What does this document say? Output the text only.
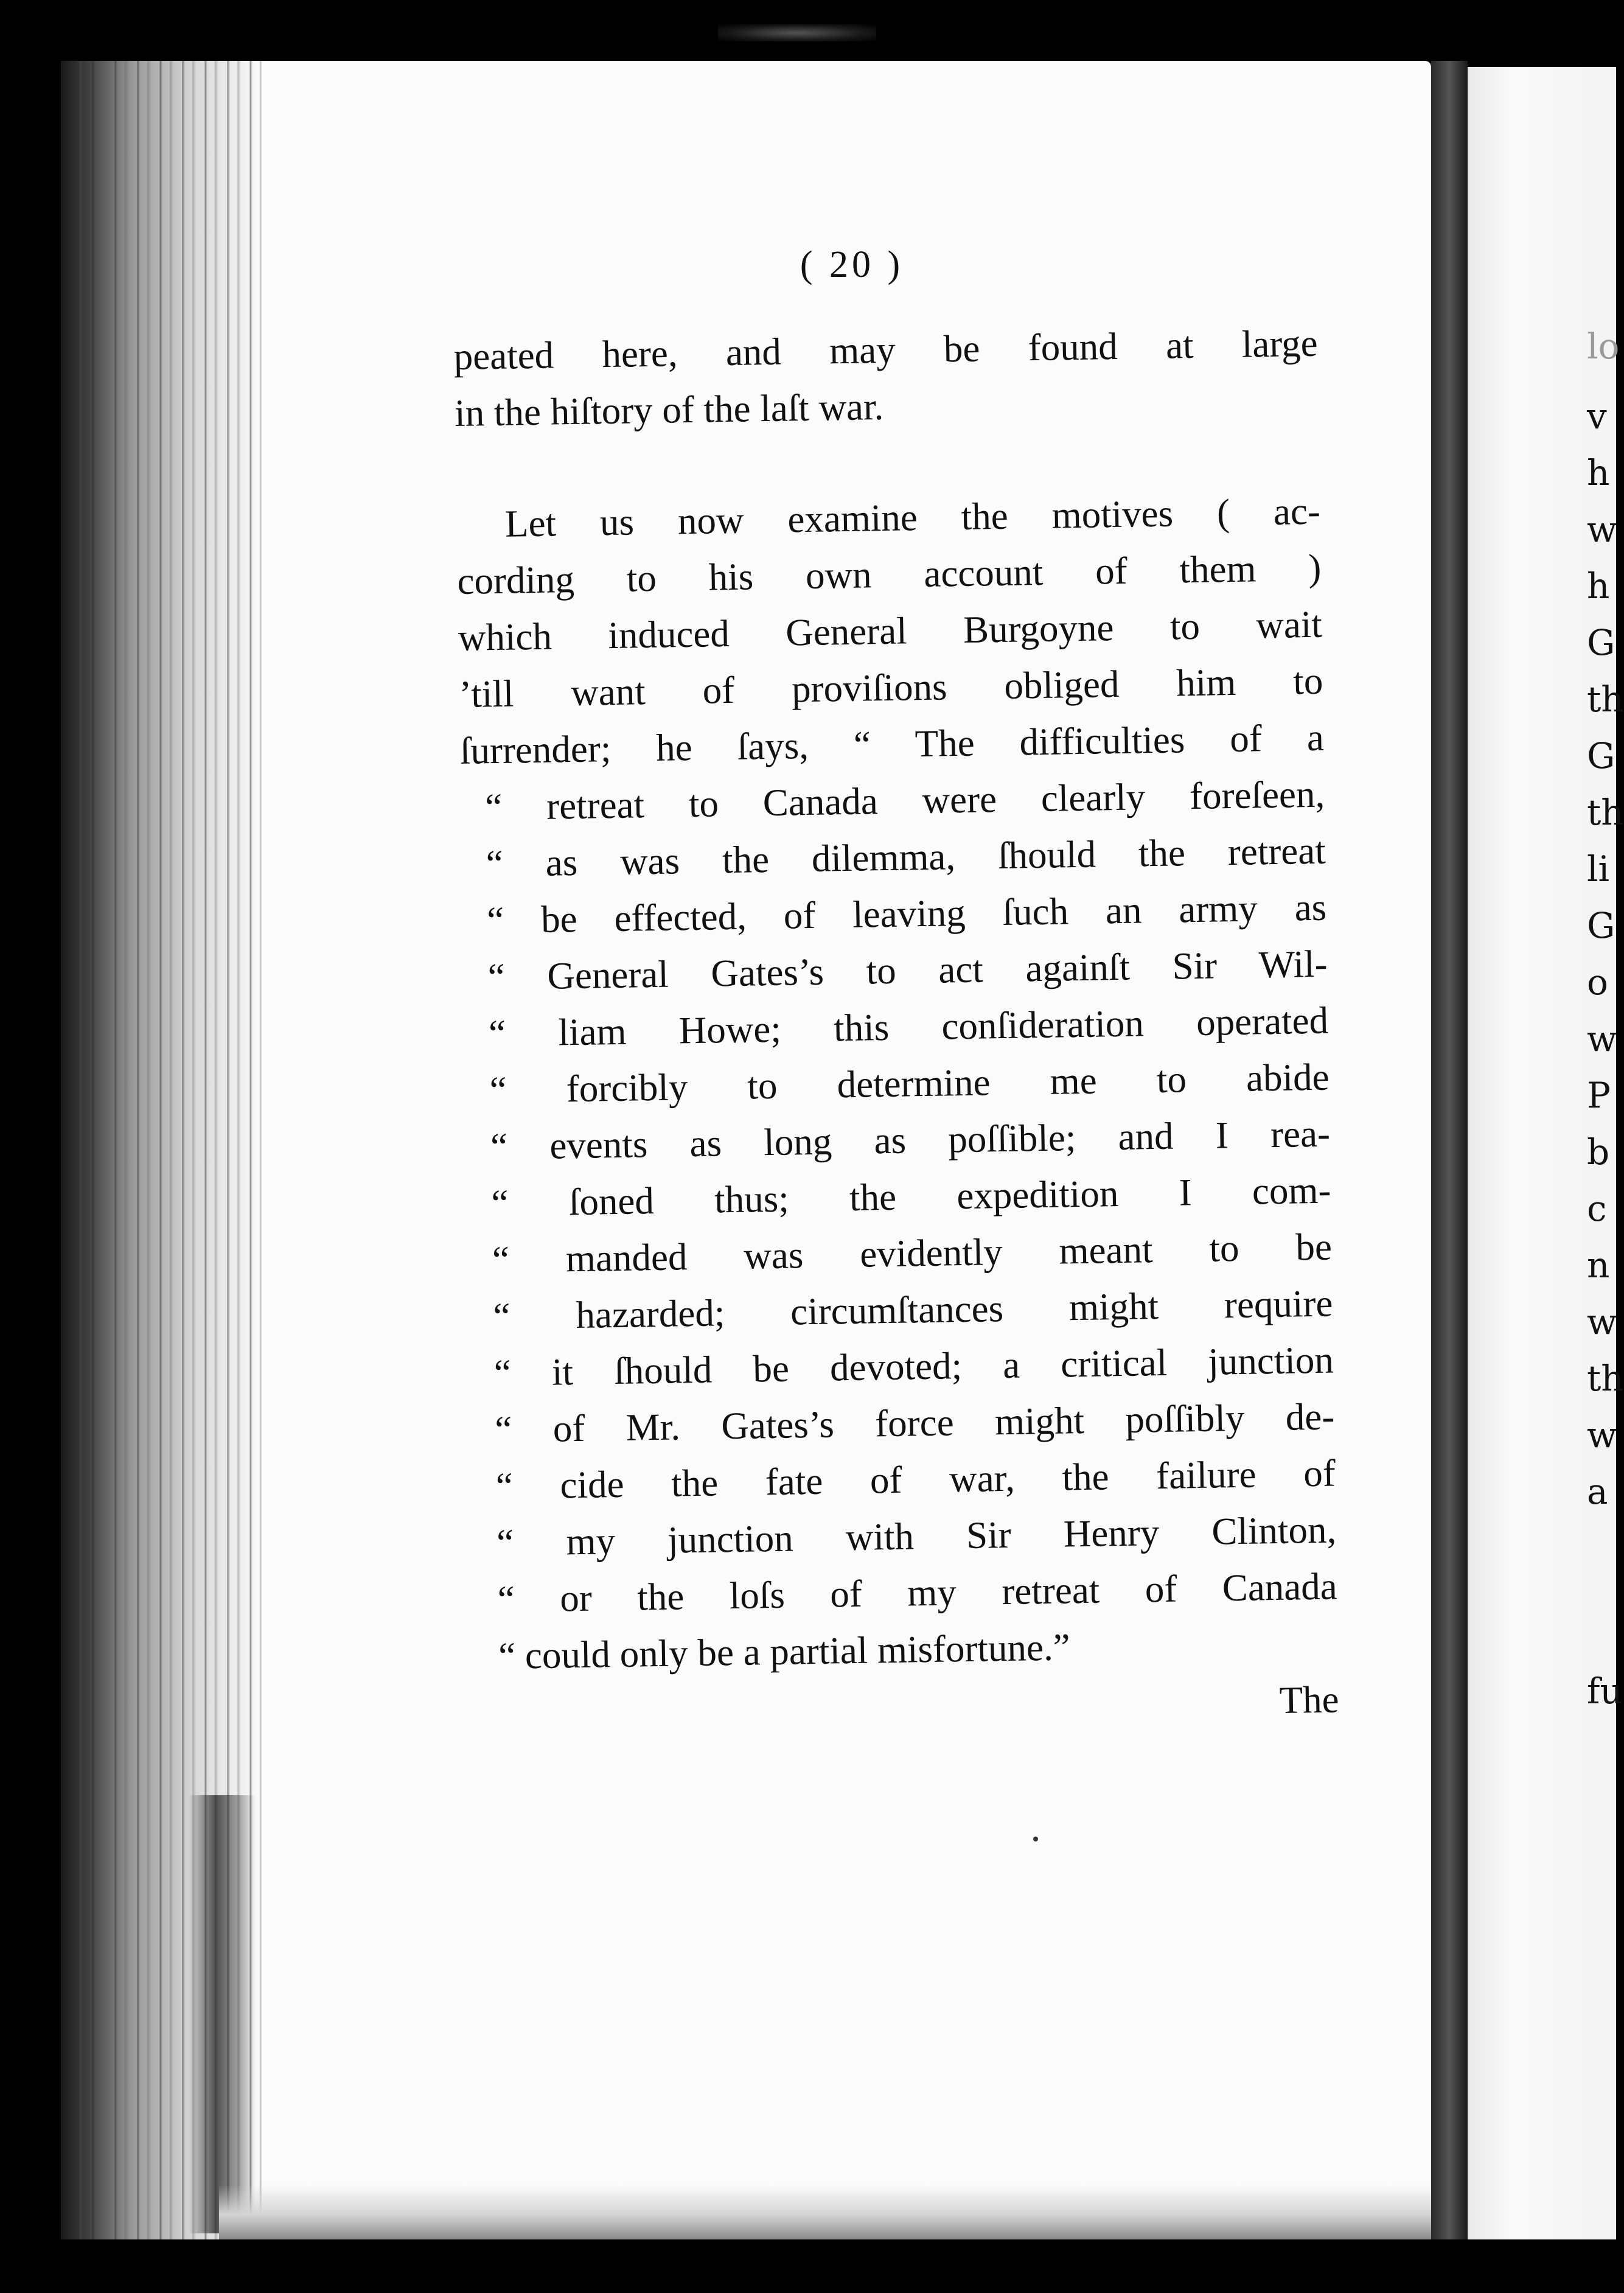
lo
v
h
w
h
G
th
G
th
li
G
o
w
P
b
c
n
w
th
w
a
fu
( 20 )
peated here, and may be found at large
in the hiſtory of the laſt war.
Let us now examine the motives ( ac-
cording to his own account of them )
which induced General Burgoyne to wait
’till want of proviſions obliged him to
ſurrender; he ſays, “ The difficulties of a
“ retreat to Canada were clearly foreſeen,
“ as was the dilemma, ſhould the retreat
“ be effected, of leaving ſuch an army as
“ General Gates’s to act againſt Sir Wil-
“ liam Howe; this conſideration operated
“ forcibly to determine me to abide
“ events as long as poſſible; and I rea-
“ ſoned thus; the expedition I com-
“ manded was evidently meant to be
“ hazarded; circumſtances might require
“ it ſhould be devoted; a critical junction
“ of Mr. Gates’s force might poſſibly de-
“ cide the fate of war, the failure of
“ my junction with Sir Henry Clinton,
“ or the loſs of my retreat of Canada
“ could only be a partial misfortune.”
The
